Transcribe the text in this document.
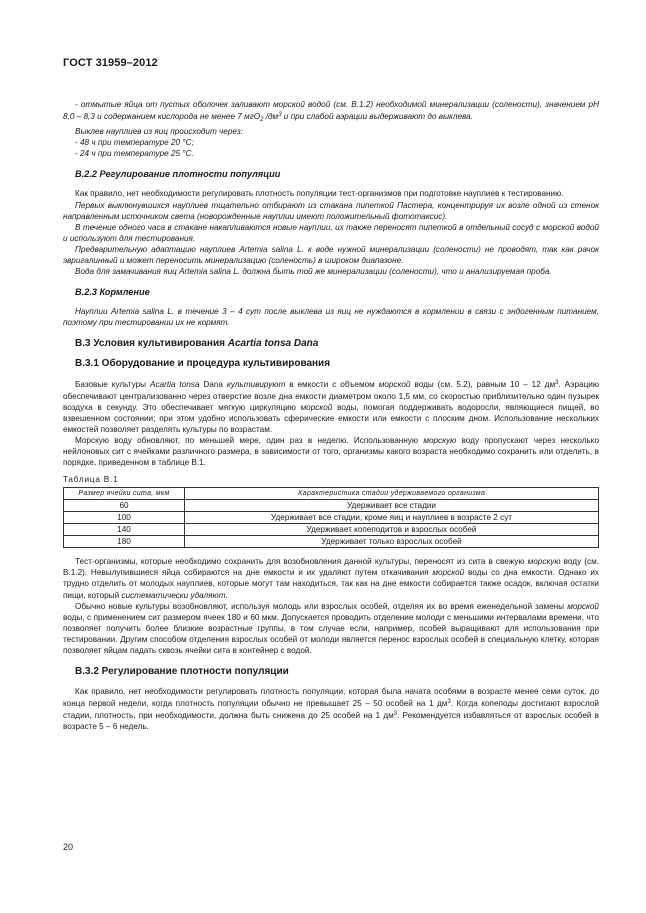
ГОСТ 31959–2012

- отмытые яйца от пустых оболочек заливают морской водой (см. В.1.2) необходимой минерализации (солености), значением рН 8,0 – 8,3 и содержанием кислорода не менее 7 мгО$_2$ $/дм^3$ и при слабой аэрации выдерживают до выклева.

Выклев науплиев из яиц происходит через:

- 48 ч при температуре 20 °С;

- 24 ч при температуре 25 °С.

В.2.2 Регулирование плотности популяции

Как правило, нет необходимости регулировать плотность популяции тест-организмов при подготовке науплиев к тестированию.

Первых выклюнувшихся науплиев тщательно отбирают из стакана пипеткой Пастера, концентрируя их возле одной из стенок направленным источником света (новорожденные науплии имеют положительный фототаксис).

В течение одного часа в стакане накапливаются новые науплии, их также переносят пипеткой в отдельный сосуд с морской водой и используют для тестирования.

Предварительную адаптацию науплиев Artemia salina L. к воде нужной минерализации (солености) не проводят, так как рачок эвригалинный и может переносить минерализацию (соленость) в широком диапазоне.

Вода для замачивания яиц Artemia salina L. должна быть той же минерализации (солености), что и анализируемая проба.

В.2.3 Кормление

Науплии Artemia salina L. в течение 3 – 4 сут после выклева из яиц не нуждаются в кормлении в связи с эндогенным питанием, поэтому при тестировании их не кормят.

В.3 Условия культивирования Acartia tonsa Dana
В.3.1 Оборудование и процедура культивирования

Базовые культуры Acartia tonsa Dana культивируют в емкости с объемом морской воды (см. 5.2), равным 10 – 12 $дм^3$. Аэрацию обеспечивают централизованно через отверстие возле дна емкости диаметром около 1,5 мм, со скоростью приблизительно один пузырек воздуха в секунду. Это обеспечивает мягкую циркуляцию морской воды, помогая поддерживать водоросли, являющиеся пищей, во взвешенном состоянии; при этом удобно использовать сферические емкости или емкости с плоским дном. Использование нескольких емкостей позволяет разделять культуры по возрастам.

Морскую воду обновляют, по меньшей мере, один раз в неделю. Использованную морскую воду пропускают через несколько нейлоновых сит с ячейками различного размера, в зависимости от того, организмы какого возраста необходимо сохранить или отделить, в порядке, приведенном в таблице В.1.

Таблица В.1
Размер ячейки сита, мкм	Характеристика стадии удерживаемого организма
60	Удерживает все стадии
100	Удерживает все стадии, кроме яиц и науплиев в возрасте 2 сут
140	Удерживает копеподитов и взрослых особей
180	Удерживает только взрослых особей

Тест-организмы, которые необходимо сохранить для возобновления данной культуры, переносят из сита в свежую морскую воду (см. В.1.2). Невылупившиеся яйца собираются на дне емкости и их удаляют путем откачивания морской воды со дна емкости. Однако их трудно отделить от молодых науплиев, которые могут там находиться, так как на дне емкости собирается также осадок, включая остатки пищи, который систематически удаляют.

Обычно новые культуры возобновляют, используя молодь или взрослых особей, отделяя их во время еженедельной замены морской воды, с применением сит размером ячеек 180 и 60 мкм. Допускается проводить отделение молоди с меньшими интервалами времени, что позволяет получить более близкие возрастные группы, в том случае если, например, особей выращивают для использования при тестировании. Другим способом отделения взрослых особей от молоди является перенос взрослых особей в специальную клетку, которая позволяет яйцам падать сквозь ячейки сита в контейнер с водой.

В.3.2 Регулирование плотности популяции

Как правило, нет необходимости регулировать плотность популяции, которая была начата особями в возрасте менее семи суток, до конца первой недели, когда плотность популяции обычно не превышает 25 – 50 особей на 1 $дм^3$. Когда копеподы достигают взрослой стадии, плотность, при необходимости, должна быть снижена до 25 особей на 1 $дм^3$. Рекомендуется избавляться от взрослых особей в возрасте 5 – 6 недель.

20
